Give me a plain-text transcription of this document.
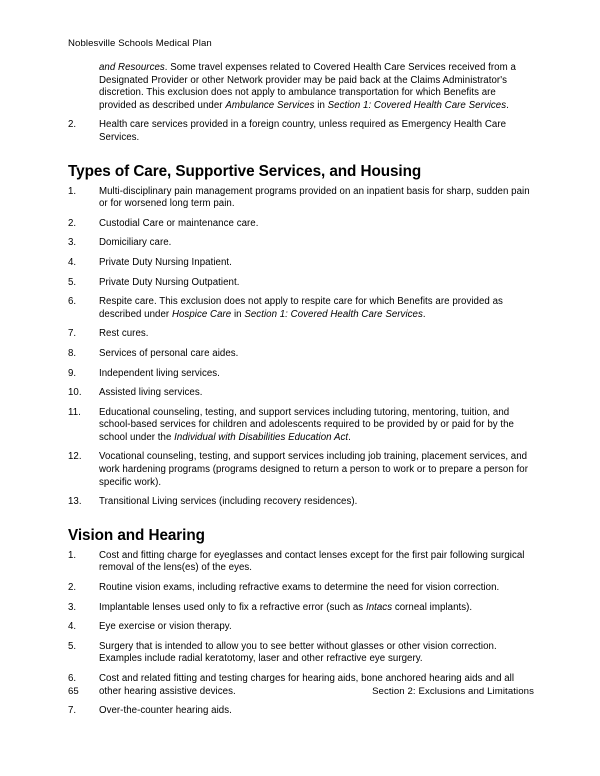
Noblesville Schools Medical Plan

and Resources. Some travel expenses related to Covered Health Care Services received from a Designated Provider or other Network provider may be paid back at the Claims Administrator's discretion. This exclusion does not apply to ambulance transportation for which Benefits are provided as described under Ambulance Services in Section 1: Covered Health Care Services.

2.	Health care services provided in a foreign country, unless required as Emergency Health Care Services.
Types of Care, Supportive Services, and Housing
1.	Multi-disciplinary pain management programs provided on an inpatient basis for sharp, sudden pain or for worsened long term pain.
2.	Custodial Care or maintenance care.
3.	Domiciliary care.
4.	Private Duty Nursing Inpatient.
5.	Private Duty Nursing Outpatient.
6.	Respite care. This exclusion does not apply to respite care for which Benefits are provided as described under Hospice Care in Section 1: Covered Health Care Services.
7.	Rest cures.
8.	Services of personal care aides.
9.	Independent living services.
10.	Assisted living services.
11.	Educational counseling, testing, and support services including tutoring, mentoring, tuition, and school-based services for children and adolescents required to be provided by or paid for by the school under the Individual with Disabilities Education Act.
12.	Vocational counseling, testing, and support services including job training, placement services, and work hardening programs (programs designed to return a person to work or to prepare a person for specific work).
13.	Transitional Living services (including recovery residences).
Vision and Hearing
1.	Cost and fitting charge for eyeglasses and contact lenses except for the first pair following surgical removal of the lens(es) of the eyes.
2.	Routine vision exams, including refractive exams to determine the need for vision correction.
3.	Implantable lenses used only to fix a refractive error (such as Intacs corneal implants).
4.	Eye exercise or vision therapy.
5.	Surgery that is intended to allow you to see better without glasses or other vision correction. Examples include radial keratotomy, laser and other refractive eye surgery.
6.	Cost and related fitting and testing charges for hearing aids, bone anchored hearing aids and all other hearing assistive devices.
7.	Over-the-counter hearing aids.
65	Section 2: Exclusions and Limitations
